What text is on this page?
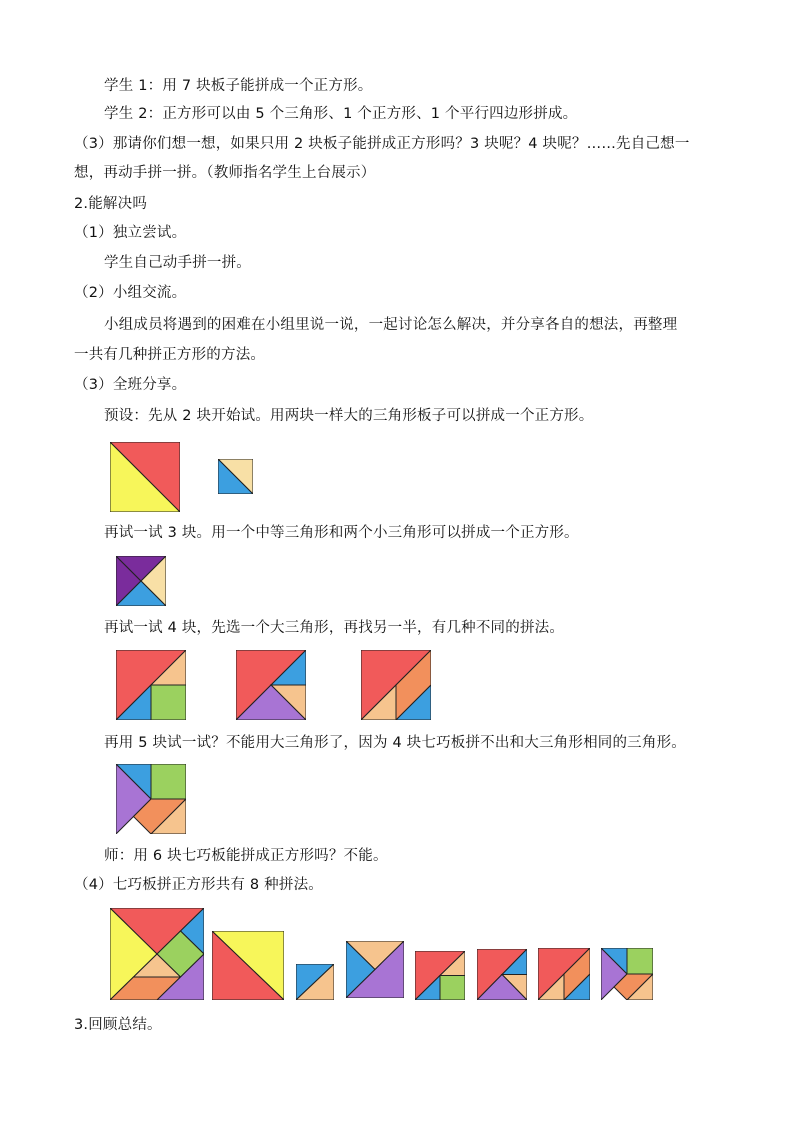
学生 1：用 7 块板子能拼成一个正方形。
学生 2：正方形可以由 5 个三角形、1 个正方形、1 个平行四边形拼成。
（3）那请你们想一想，如果只用 2 块板子能拼成正方形吗？3 块呢？4 块呢？……先自己想一
想，再动手拼一拼。（教师指名学生上台展示）
2.能解决吗
（1）独立尝试。
学生自己动手拼一拼。
（2）小组交流。
小组成员将遇到的困难在小组里说一说，一起讨论怎么解决，并分享各自的想法，再整理
一共有几种拼正方形的方法。
（3）全班分享。
预设：先从 2 块开始试。用两块一样大的三角形板子可以拼成一个正方形。
再试一试 3 块。用一个中等三角形和两个小三角形可以拼成一个正方形。
再试一试 4 块，先选一个大三角形，再找另一半，有几种不同的拼法。
再用 5 块试一试？不能用大三角形了，因为 4 块七巧板拼不出和大三角形相同的三角形。
师：用 6 块七巧板能拼成正方形吗？不能。
（4）七巧板拼正方形共有 8 种拼法。
3.回顾总结。
